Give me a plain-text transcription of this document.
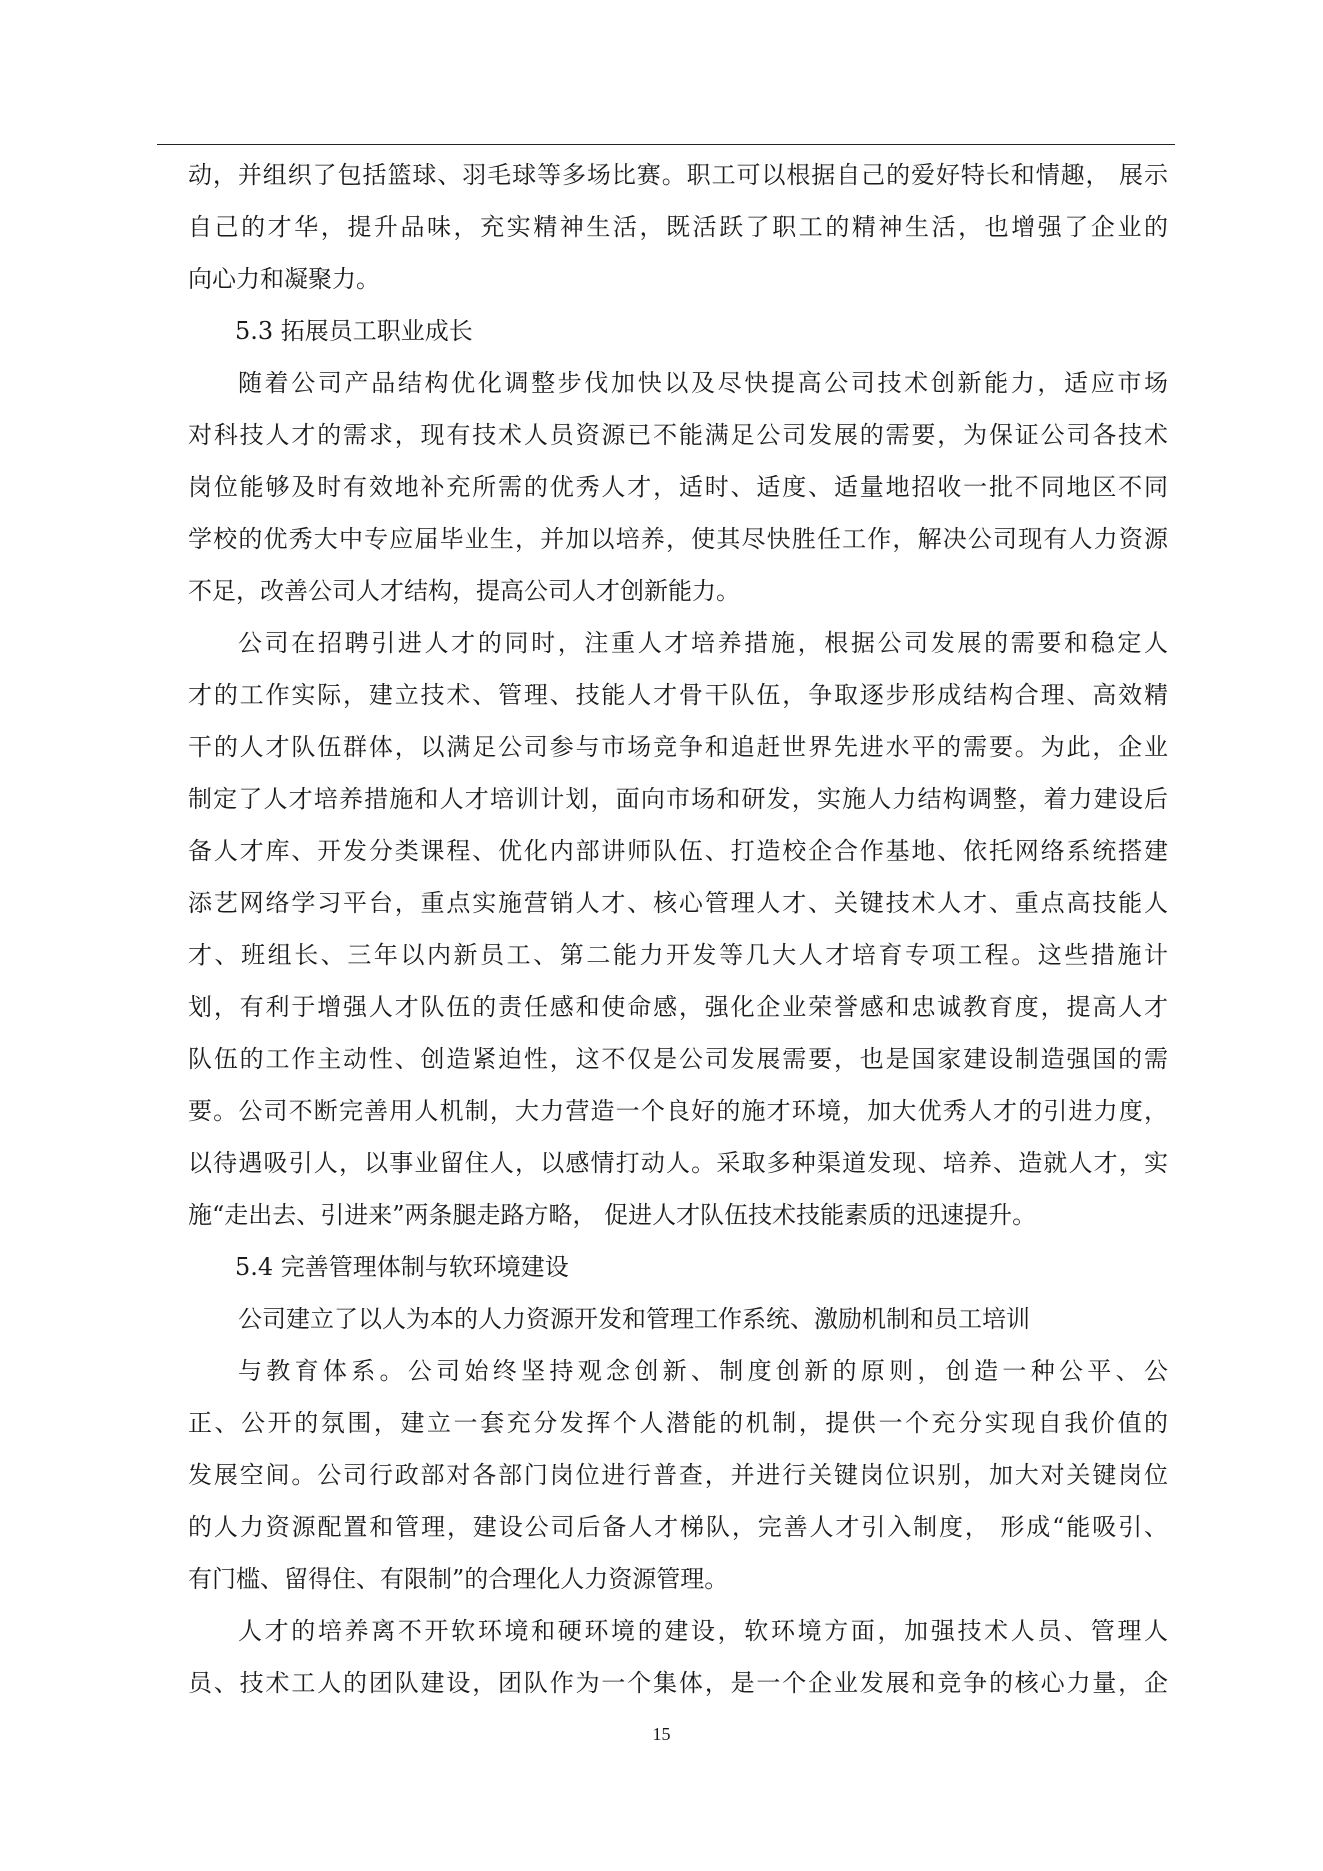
动，并组织了包括篮球、羽毛球等多场比赛。职工可以根据自己的爱好特长和情趣， 展示
自己的才华，提升品味，充实精神生活，既活跃了职工的精神生活，也增强了企业的
向心力和凝聚力。
5.3 拓展员工职业成长
随着公司产品结构优化调整步伐加快以及尽快提高公司技术创新能力，适应市场
对科技人才的需求，现有技术人员资源已不能满足公司发展的需要，为保证公司各技术
岗位能够及时有效地补充所需的优秀人才，适时、适度、适量地招收一批不同地区不同
学校的优秀大中专应届毕业生，并加以培养，使其尽快胜任工作，解决公司现有人力资源
不足，改善公司人才结构，提高公司人才创新能力。
公司在招聘引进人才的同时，注重人才培养措施，根据公司发展的需要和稳定人
才的工作实际，建立技术、管理、技能人才骨干队伍，争取逐步形成结构合理、高效精
干的人才队伍群体，以满足公司参与市场竞争和追赶世界先进水平的需要。为此，企业
制定了人才培养措施和人才培训计划，面向市场和研发，实施人力结构调整，着力建设后
备人才库、开发分类课程、优化内部讲师队伍、打造校企合作基地、依托网络系统搭建
添艺网络学习平台，重点实施营销人才、核心管理人才、关键技术人才、重点高技能人
才、班组长、三年以内新员工、第二能力开发等几大人才培育专项工程。这些措施计
划，有利于增强人才队伍的责任感和使命感，强化企业荣誉感和忠诚教育度，提高人才
队伍的工作主动性、创造紧迫性，这不仅是公司发展需要，也是国家建设制造强国的需
要。公司不断完善用人机制，大力营造一个良好的施才环境，加大优秀人才的引进力度，
以待遇吸引人，以事业留住人，以感情打动人。采取多种渠道发现、培养、造就人才，实
施“走出去、引进来”两条腿走路方略， 促进人才队伍技术技能素质的迅速提升。
5.4 完善管理体制与软环境建设
公司建立了以人为本的人力资源开发和管理工作系统、激励机制和员工培训
与教育体系。公司始终坚持观念创新、制度创新的原则，创造一种公平、公
正、公开的氛围，建立一套充分发挥个人潜能的机制，提供一个充分实现自我价值的
发展空间。公司行政部对各部门岗位进行普查，并进行关键岗位识别，加大对关键岗位
的人力资源配置和管理，建设公司后备人才梯队，完善人才引入制度， 形成“能吸引、
有门槛、留得住、有限制”的合理化人力资源管理。
人才的培养离不开软环境和硬环境的建设，软环境方面，加强技术人员、管理人
员、技术工人的团队建设，团队作为一个集体，是一个企业发展和竞争的核心力量，企
15
